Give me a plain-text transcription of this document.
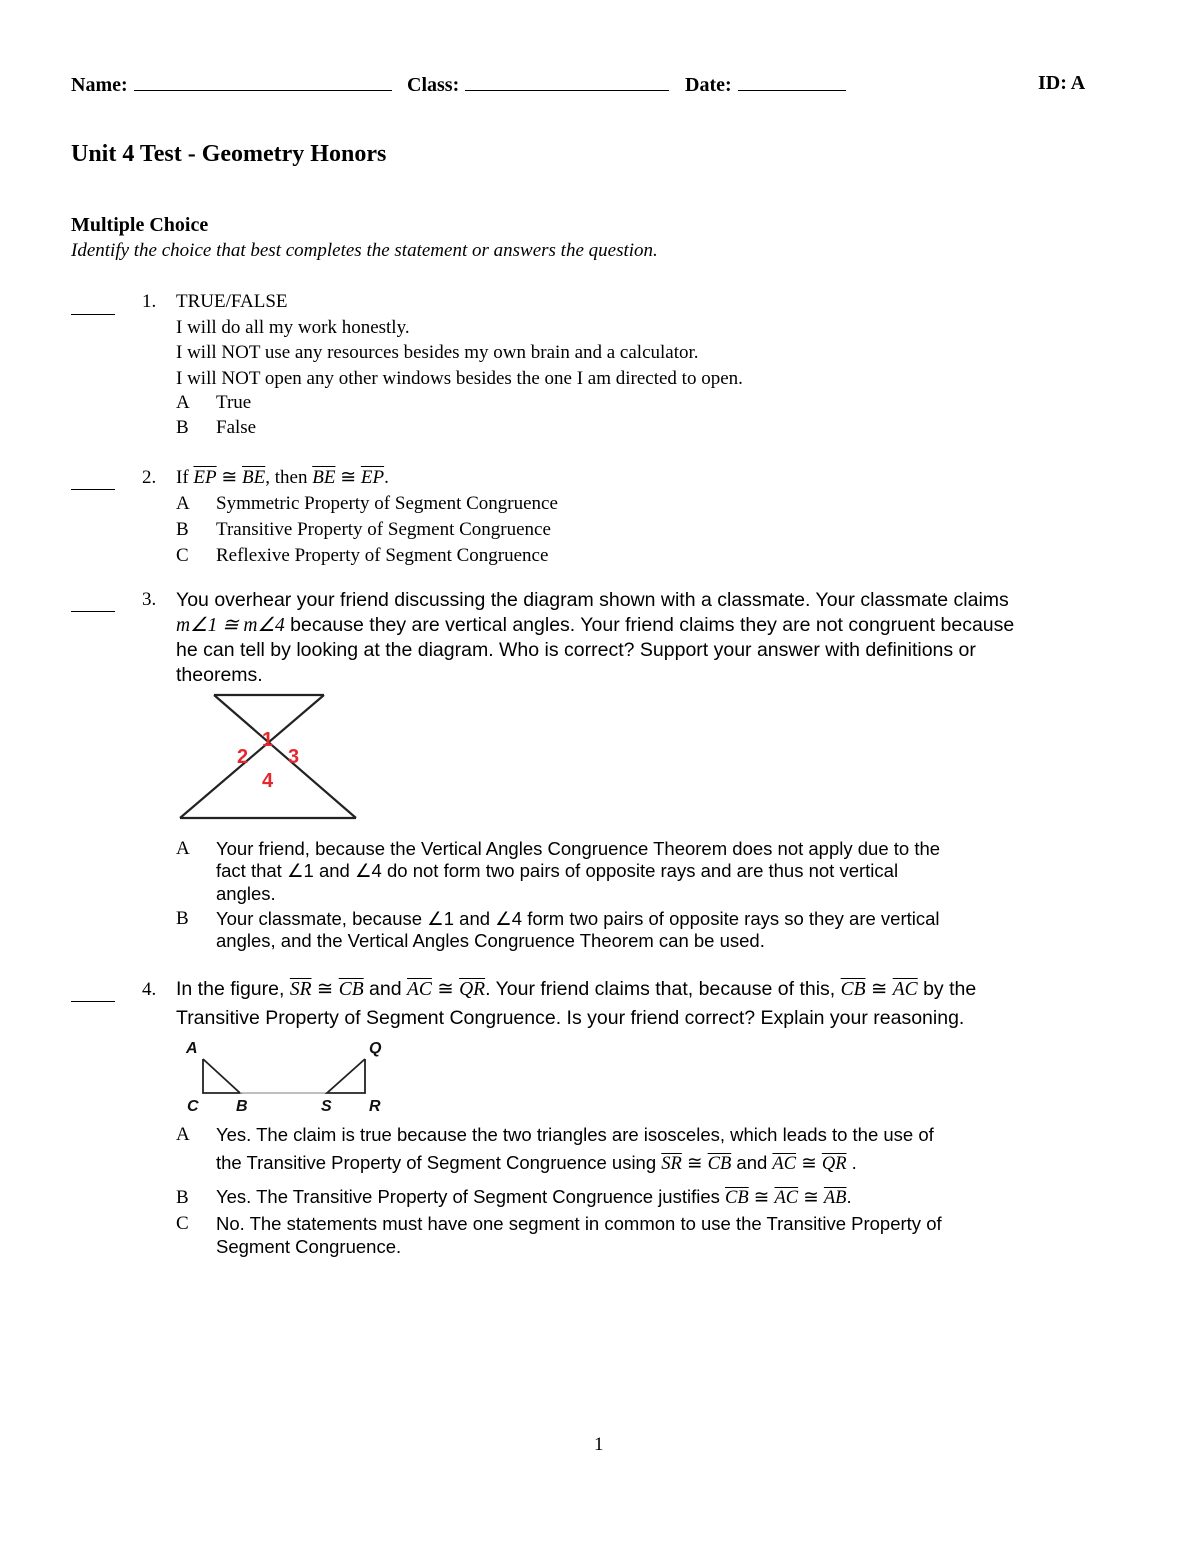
Name:	Class:	Date:	ID: A
Unit 4 Test - Geometry Honors
Multiple Choice
Identify the choice that best completes the statement or answers the question.
1. TRUE/FALSE
I will do all my work honestly.
I will NOT use any resources besides my own brain and a calculator.
I will NOT open any other windows besides the one I am directed to open.
A True
B False
2. If $\overline{EP}$ ≅ $\overline{BE}$, then $\overline{BE}$ ≅ $\overline{EP}$.
A Symmetric Property of Segment Congruence
B Transitive Property of Segment Congruence
C Reflexive Property of Segment Congruence
3. You overhear your friend discussing the diagram shown with a classmate. Your classmate claims
m∠1 ≅ m∠4 because they are vertical angles. Your friend claims they are not congruent because
he can tell by looking at the diagram. Who is correct? Support your answer with definitions or
theorems.
1
2 3
4
A Your friend, because the Vertical Angles Congruence Theorem does not apply due to the
fact that ∠1 and ∠4 do not form two pairs of opposite rays and are thus not vertical
angles.
B Your classmate, because ∠1 and ∠4 form two pairs of opposite rays so they are vertical
angles, and the Vertical Angles Congruence Theorem can be used.
4. In the figure, $\overline{SR}$ ≅ $\overline{CB}$ and $\overline{AC}$ ≅ $\overline{QR}$. Your friend claims that, because of this, $\overline{CB}$ ≅ $\overline{AC}$ by the
Transitive Property of Segment Congruence. Is your friend correct? Explain your reasoning.
A	Q
C B	S R
A Yes. The claim is true because the two triangles are isosceles, which leads to the use of
the Transitive Property of Segment Congruence using $\overline{SR}$ ≅ $\overline{CB}$ and $\overline{AC}$ ≅ $\overline{QR}$ .
B Yes. The Transitive Property of Segment Congruence justifies $\overline{CB}$ ≅ $\overline{AC}$ ≅ $\overline{AB}$.
C No. The statements must have one segment in common to use the Transitive Property of
Segment Congruence.
1
